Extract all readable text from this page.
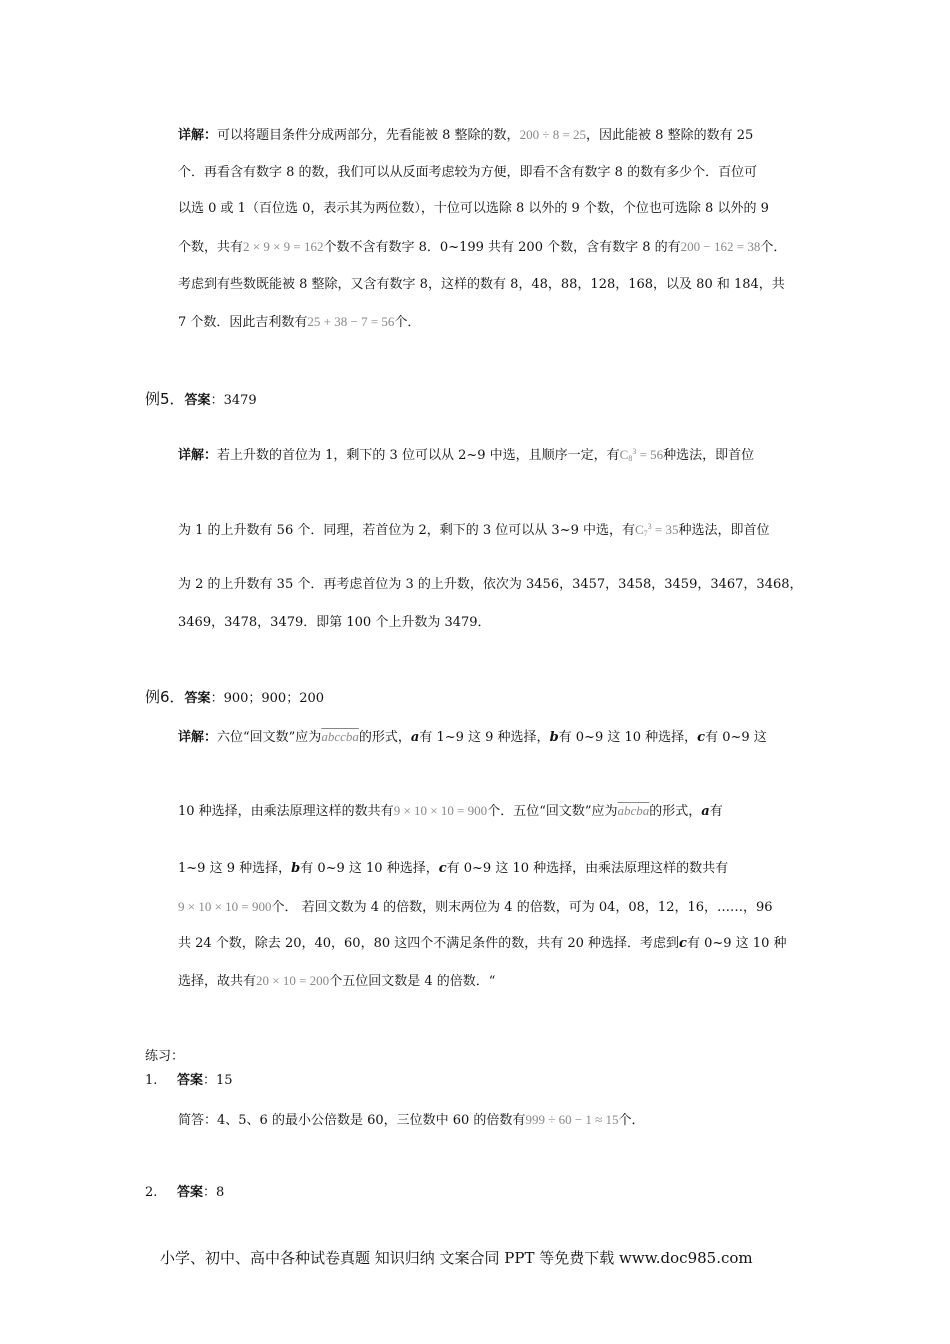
详解：可以将题目条件分成两部分，先看能被 8 整除的数，200 ÷ 8 = 25，因此能被 8 整除的数有 25
个．再看含有数字 8 的数，我们可以从反面考虑较为方便，即看不含有数字 8 的数有多少个．百位可
以选 0 或 1（百位选 0，表示其为两位数），十位可以选除 8 以外的 9 个数，个位也可选除 8 以外的 9
个数，共有2 × 9 × 9 = 162个数不含有数字 8．0~199 共有 200 个数，含有数字 8 的有200 − 162 = 38个．
考虑到有些数既能被 8 整除，又含有数字 8，这样的数有 8，48，88，128，168，以及 80 和 184，共
7 个数．因此吉利数有25 + 38 − 7 = 56个．
例5．答案：3479
详解：若上升数的首位为 1，剩下的 3 位可以从 2~9 中选，且顺序一定，有$C_8^3 = 56$种选法，即首位
为 1 的上升数有 56 个．同理，若首位为 2，剩下的 3 位可以从 3~9 中选，有$C_7^3 = 35$种选法，即首位
为 2 的上升数有 35 个．再考虑首位为 3 的上升数，依次为 3456，3457，3458，3459，3467，3468，
3469，3478，3479．即第 100 个上升数为 3479．
例6．答案：900；900；200
详解：六位“回文数”应为abccba的形式，a有 1~9 这 9 种选择，b有 0~9 这 10 种选择，c有 0~9 这
10 种选择，由乘法原理这样的数共有9 × 10 × 10 = 900个．五位“回文数”应为abcba的形式，a有
1~9 这 9 种选择，b有 0~9 这 10 种选择，c有 0~9 这 10 种选择，由乘法原理这样的数共有
9 × 10 × 10 = 900个． 若回文数为 4 的倍数，则末两位为 4 的倍数，可为 04，08，12，16，……，96
共 24 个数，除去 20，40，60，80 这四个不满足条件的数，共有 20 种选择．考虑到c有 0~9 这 10 种
选择，故共有20 × 10 = 200个五位回文数是 4 的倍数．“
练习：
1. 答案：15
简答：4、5、6 的最小公倍数是 60，三位数中 60 的倍数有999 ÷ 60 − 1 ≈ 15个．
2. 答案：8
小学、初中、高中各种试卷真题 知识归纳 文案合同 PPT 等免费下载 www.doc985.com
